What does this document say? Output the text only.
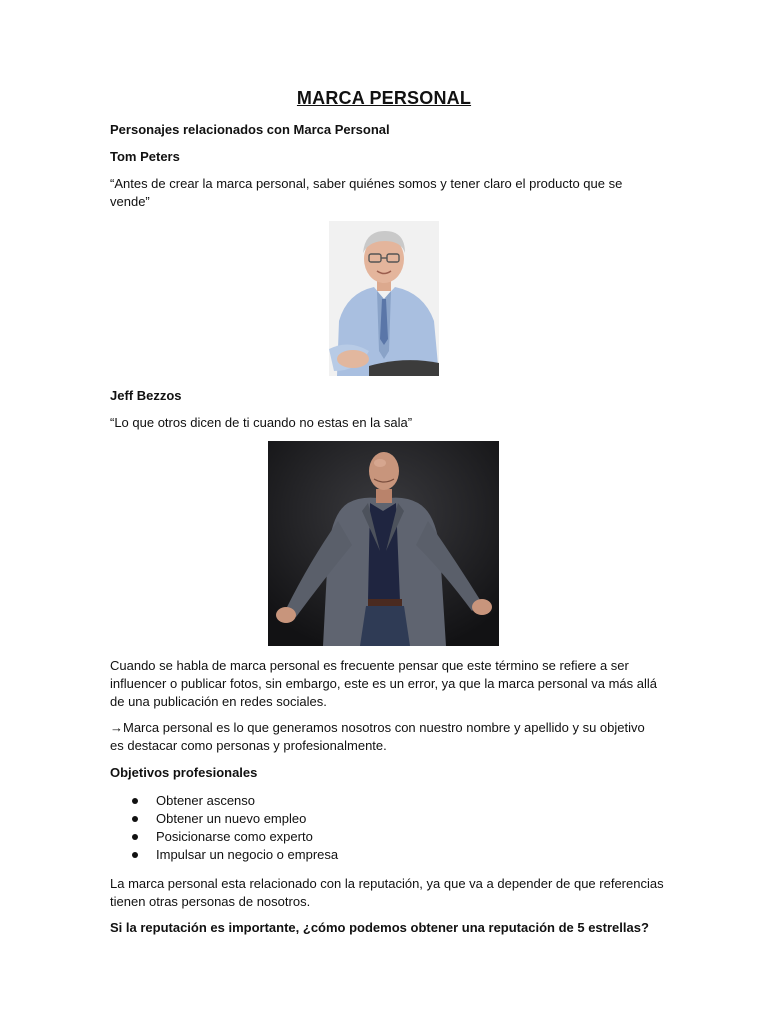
MARCA PERSONAL
Personajes relacionados con Marca Personal
Tom Peters
“Antes de crear la marca personal, saber quiénes somos y tener claro el producto que se vende”
Jeff Bezzos
“Lo que otros dicen de ti cuando no estas en la sala”
Cuando se habla de marca personal es frecuente pensar que este término se refiere a ser influencer o publicar fotos, sin embargo, este es un error, ya que la marca personal va más allá de una publicación en redes sociales.
→Marca personal es lo que generamos nosotros con nuestro nombre y apellido y su objetivo es destacar como personas y profesionalmente.
Objetivos profesionales
Obtener ascenso
Obtener un nuevo empleo
Posicionarse como experto
Impulsar un negocio o empresa
La marca personal esta relacionado con la reputación, ya que va a depender de que referencias tienen otras personas de nosotros.
Si la reputación es importante, ¿cómo podemos obtener una reputación de 5 estrellas?
